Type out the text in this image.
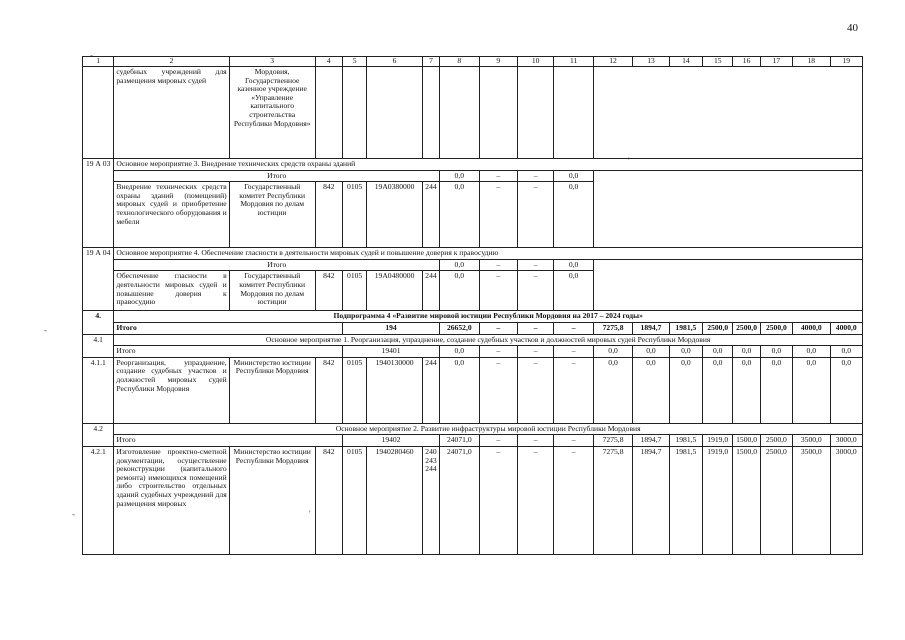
40
-
'
-
-	'
1	2	3	4	5	6	7	8	9	10	11	12	13	14	15	16	17	18	19
	судебных учреждений для размещения мировых судей	Мордовия, Государственное казенное учреждение «Управление капитального строительства Республики Мордовия»																
19 А 03	Основное мероприятие 3. Внедрение технических средств охраны зданий																	
	Итого						0,0	–	–	0,0								
	Внедрение технических средств охраны зданий (помещений) мировых судей и приобретение технологического оборудования и мебели	Государственный комитет Республики Мордовия по делам юстиции	842	0105	19А0380000	244	0,0	–	–	0,0								
19 А 04	Основное мероприятие 4. Обеспечение гласности в деятельности мировых судей и повышение доверия к правосудию																	
	Итого						0,0	–	–	0,0								
	Обеспечение гласности в деятельности мировых судей и повышение доверия к правосудию	Государственный комитет Республики Мордовия по делам юстиции	842	0105	19А0480000	244	0,0	–	–	0,0								
4.	Подпрограмма 4 «Развитие мировой юстиции Республики Мордовия на 2017 – 2024 годы»																	
	Итого			194			26652,0	–	–	–	7275,8	1894,7	1981,5	2500,0	2500,0	2500,0	4000,0	4000,0
4.1	Основное мероприятие 1. Реорганизация, упразднение, создание судебных участков и должностей мировых судей Республики Мордовия																	
	Итого			19401			0,0	–	–	–	0,0	0,0	0,0	0,0	0,0	0,0	0,0	0,0
4.1.1	Реорганизация, упразднение, создание судебных участков и должностей мировых судей Республики Мордовия	Министерство юстиции Республики Мордовия	842	0105	1940130000	244	0,0	–	–	–	0,0	0,0	0,0	0,0	0,0	0,0	0,0	0,0
4.2	Основное мероприятие 2. Развитие инфраструктуры мировой юстиции Республики Мордовия																	
	Итого			19402			24071,0	–	–	–	7275,8	1894,7	1981,5	1919,0	1500,0	2500,0	3500,0	3000,0
4.2.1	Изготовление проектно-сметной документации, осуществление реконструкции (капитального ремонта) имеющихся помещений либо строительство отдельных зданий судебных учреждений для размещения мировых	Министерство юстиции Республики Мордовия	842	0105	1940280460	240 243 244	24071,0	–	–	–	7275,8	1894,7	1981,5	1919,0	1500,0	2500,0	3500,0	3000,0
